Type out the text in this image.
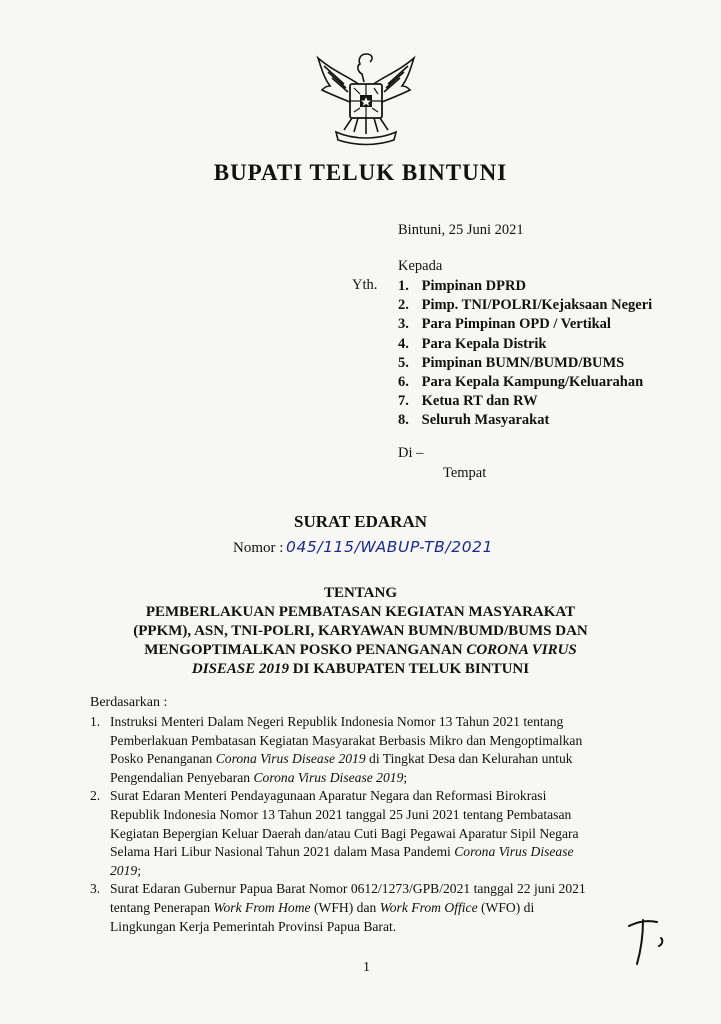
BUPATI TELUK BINTUNI
Bintuni, 25 Juni 2021
Kepada
Yth. 1. Pimpinan DPRD
2. Pimp. TNI/POLRI/Kejaksaan Negeri
3. Para Pimpinan OPD / Vertikal
4. Para Kepala Distrik
5. Pimpinan BUMN/BUMD/BUMS
6. Para Kepala Kampung/Keluarahan
7. Ketua RT dan RW
8. Seluruh Masyarakat
Di –
Tempat
SURAT EDARAN
Nomor : 045/115/WABUP-TB/2021
TENTANG
PEMBERLAKUAN PEMBATASAN KEGIATAN MASYARAKAT
(PPKM), ASN, TNI-POLRI, KARYAWAN BUMN/BUMD/BUMS DAN
MENGOPTIMALKAN POSKO PENANGANAN CORONA VIRUS
DISEASE 2019 DI KABUPATEN TELUK BINTUNI
Berdasarkan :
1. Instruksi Menteri Dalam Negeri Republik Indonesia Nomor 13 Tahun 2021 tentang
Pemberlakuan Pembatasan Kegiatan Masyarakat Berbasis Mikro dan Mengoptimalkan
Posko Penanganan Corona Virus Disease 2019 di Tingkat Desa dan Kelurahan untuk
Pengendalian Penyebaran Corona Virus Disease 2019;
2. Surat Edaran Menteri Pendayagunaan Aparatur Negara dan Reformasi Birokrasi
Republik Indonesia Nomor 13 Tahun 2021 tanggal 25 Juni 2021 tentang Pembatasan
Kegiatan Bepergian Keluar Daerah dan/atau Cuti Bagi Pegawai Aparatur Sipil Negara
Selama Hari Libur Nasional Tahun 2021 dalam Masa Pandemi Corona Virus Disease
2019;
3. Surat Edaran Gubernur Papua Barat Nomor 0612/1273/GPB/2021 tanggal 22 juni 2021
tentang Penerapan Work From Home (WFH) dan Work From Office (WFO) di
Lingkungan Kerja Pemerintah Provinsi Papua Barat.
1
